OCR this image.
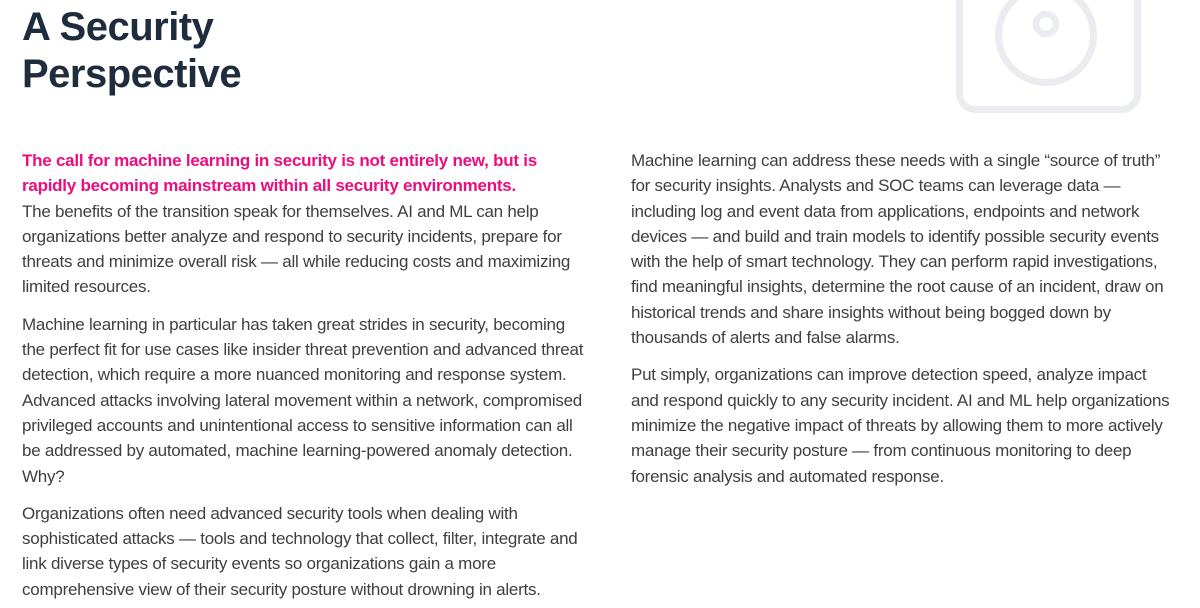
A Security Perspective

The call for machine learning in security is not entirely new, but is rapidly becoming mainstream within all security environments.
The benefits of the transition speak for themselves. AI and ML can help organizations better analyze and respond to security incidents, prepare for threats and minimize overall risk — all while reducing costs and maximizing limited resources.

Machine learning in particular has taken great strides in security, becoming the perfect fit for use cases like insider threat prevention and advanced threat detection, which require a more nuanced monitoring and response system. Advanced attacks involving lateral movement within a network, compromised privileged accounts and unintentional access to sensitive information can all be addressed by automated, machine learning-powered anomaly detection. Why?

Organizations often need advanced security tools when dealing with sophisticated attacks — tools and technology that collect, filter, integrate and link diverse types of security events so organizations gain a more comprehensive view of their security posture without drowning in alerts.

Machine learning can address these needs with a single “source of truth” for security insights. Analysts and SOC teams can leverage data — including log and event data from applications, endpoints and network devices — and build and train models to identify possible security events with the help of smart technology. They can perform rapid investigations, find meaningful insights, determine the root cause of an incident, draw on historical trends and share insights without being bogged down by thousands of alerts and false alarms.

Put simply, organizations can improve detection speed, analyze impact and respond quickly to any security incident. AI and ML help organizations minimize the negative impact of threats by allowing them to more actively manage their security posture — from continuous monitoring to deep forensic analysis and automated response.
